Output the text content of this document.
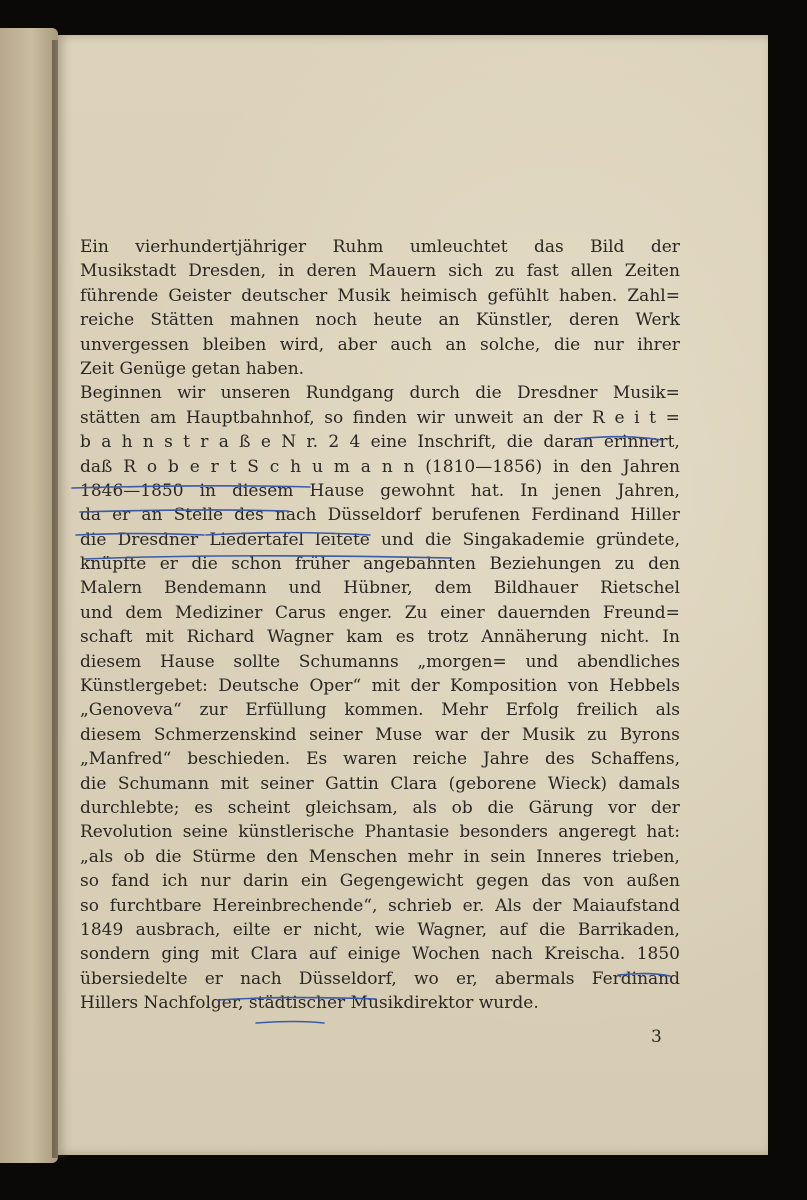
Ein vierhundertjähriger Ruhm umleuchtet das Bild der
Musikstadt Dresden, in deren Mauern sich zu fast allen Zeiten
führende Geister deutscher Musik heimisch gefühlt haben. Zahl=
reiche Stätten mahnen noch heute an Künstler, deren Werk
unvergessen bleiben wird, aber auch an solche, die nur ihrer
Zeit Genüge getan haben.
Beginnen wir unseren Rundgang durch die Dresdner Musik=
stätten am Hauptbahnhof, so finden wir unweit an der R e i t =
b a h n s t r a ß e N r. 2 4 eine Inschrift, die daran erinnert,
daß R o b e r t S c h u m a n n (1810—1856) in den Jahren
1846—1850 in diesem Hause gewohnt hat. In jenen Jahren,
da er an Stelle des nach Düsseldorf berufenen Ferdinand Hiller
die Dresdner Liedertafel leitete und die Singakademie gründete,
knüpfte er die schon früher angebahnten Beziehungen zu den
Malern Bendemann und Hübner, dem Bildhauer Rietschel
und dem Mediziner Carus enger. Zu einer dauernden Freund=
schaft mit Richard Wagner kam es trotz Annäherung nicht. In
diesem Hause sollte Schumanns „morgen= und abendliches
Künstlergebet: Deutsche Oper“ mit der Komposition von Hebbels
„Genoveva“ zur Erfüllung kommen. Mehr Erfolg freilich als
diesem Schmerzenskind seiner Muse war der Musik zu Byrons
„Manfred“ beschieden. Es waren reiche Jahre des Schaffens,
die Schumann mit seiner Gattin Clara (geborene Wieck) damals
durchlebte; es scheint gleichsam, als ob die Gärung vor der
Revolution seine künstlerische Phantasie besonders angeregt hat:
„als ob die Stürme den Menschen mehr in sein Inneres trieben,
so fand ich nur darin ein Gegengewicht gegen das von außen
so furchtbare Hereinbrechende“, schrieb er. Als der Maiaufstand
1849 ausbrach, eilte er nicht, wie Wagner, auf die Barrikaden,
sondern ging mit Clara auf einige Wochen nach Kreischa. 1850
übersiedelte er nach Düsseldorf, wo er, abermals Ferdinand
Hillers Nachfolger, städtischer Musikdirektor wurde.
3
